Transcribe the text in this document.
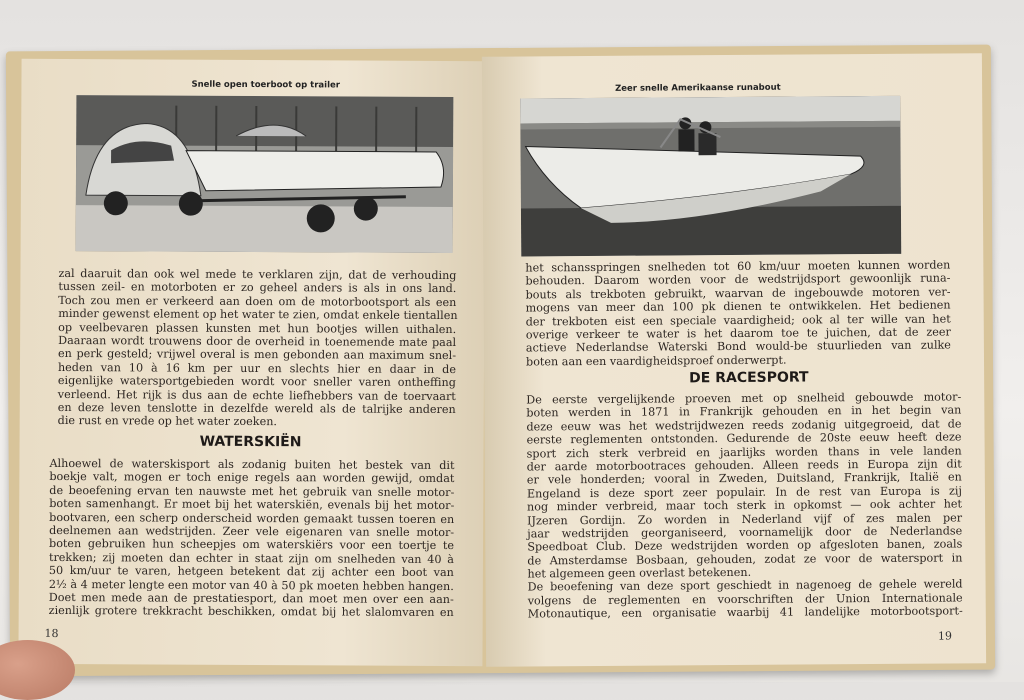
Snelle open toerboot op trailer

zal daaruit dan ook wel mede te verklaren zijn, dat de verhouding

tussen zeil- en motorboten er zo geheel anders is als in ons land.

Toch zou men er verkeerd aan doen om de motorbootsport als een

minder gewenst element op het water te zien, omdat enkele tientallen

op veelbevaren plassen kunsten met hun bootjes willen uithalen.

Daaraan wordt trouwens door de overheid in toenemende mate paal

en perk gesteld; vrijwel overal is men gebonden aan maximum snel-

heden van 10 à 16 km per uur en slechts hier en daar in de

eigenlijke watersportgebieden wordt voor sneller varen ontheffing

verleend. Het rijk is dus aan de echte liefhebbers van de toervaart

en deze leven tenslotte in dezelfde wereld als de talrijke anderen

die rust en vrede op het water zoeken.

WATERSKIËN

Alhoewel de waterskisport als zodanig buiten het bestek van dit

boekje valt, mogen er toch enige regels aan worden gewijd, omdat

de beoefening ervan ten nauwste met het gebruik van snelle motor-

boten samenhangt. Er moet bij het waterskiën, evenals bij het motor-

bootvaren, een scherp onderscheid worden gemaakt tussen toeren en

deelnemen aan wedstrijden. Zeer vele eigenaren van snelle motor-

boten gebruiken hun scheepjes om waterskiërs voor een toertje te

trekken; zij moeten dan echter in staat zijn om snelheden van 40 à

50 km/uur te varen, hetgeen betekent dat zij achter een boot van

2½ à 4 meter lengte een motor van 40 à 50 pk moeten hebben hangen.

Doet men mede aan de prestatiesport, dan moet men over een aan-

zienlijk grotere trekkracht beschikken, omdat bij het slalomvaren en

18
Zeer snelle Amerikaanse runabout

het schansspringen snelheden tot 60 km/uur moeten kunnen worden

behouden. Daarom worden voor de wedstrijdsport gewoonlijk runa-

bouts als trekboten gebruikt, waarvan de ingebouwde motoren ver-

mogens van meer dan 100 pk dienen te ontwikkelen. Het bedienen

der trekboten eist een speciale vaardigheid; ook al ter wille van het

overige verkeer te water is het daarom toe te juichen, dat de zeer

actieve Nederlandse Waterski Bond would-be stuurlieden van zulke

boten aan een vaardigheidsproef onderwerpt.

DE RACESPORT

De eerste vergelijkende proeven met op snelheid gebouwde motor-

boten werden in 1871 in Frankrijk gehouden en in het begin van

deze eeuw was het wedstrijdwezen reeds zodanig uitgegroeid, dat de

eerste reglementen ontstonden. Gedurende de 20ste eeuw heeft deze

sport zich sterk verbreid en jaarlijks worden thans in vele landen

der aarde motorbootraces gehouden. Alleen reeds in Europa zijn dit

er vele honderden; vooral in Zweden, Duitsland, Frankrijk, Italië en

Engeland is deze sport zeer populair. In de rest van Europa is zij

nog minder verbreid, maar toch sterk in opkomst — ook achter het

IJzeren Gordijn. Zo worden in Nederland vijf of zes malen per

jaar wedstrijden georganiseerd, voornamelijk door de Nederlandse

Speedboat Club. Deze wedstrijden worden op afgesloten banen, zoals

de Amsterdamse Bosbaan, gehouden, zodat ze voor de watersport in

het algemeen geen overlast betekenen.

De beoefening van deze sport geschiedt in nagenoeg de gehele wereld

volgens de reglementen en voorschriften der Union Internationale

Motonautique, een organisatie waarbij 41 landelijke motorbootsport-

19
